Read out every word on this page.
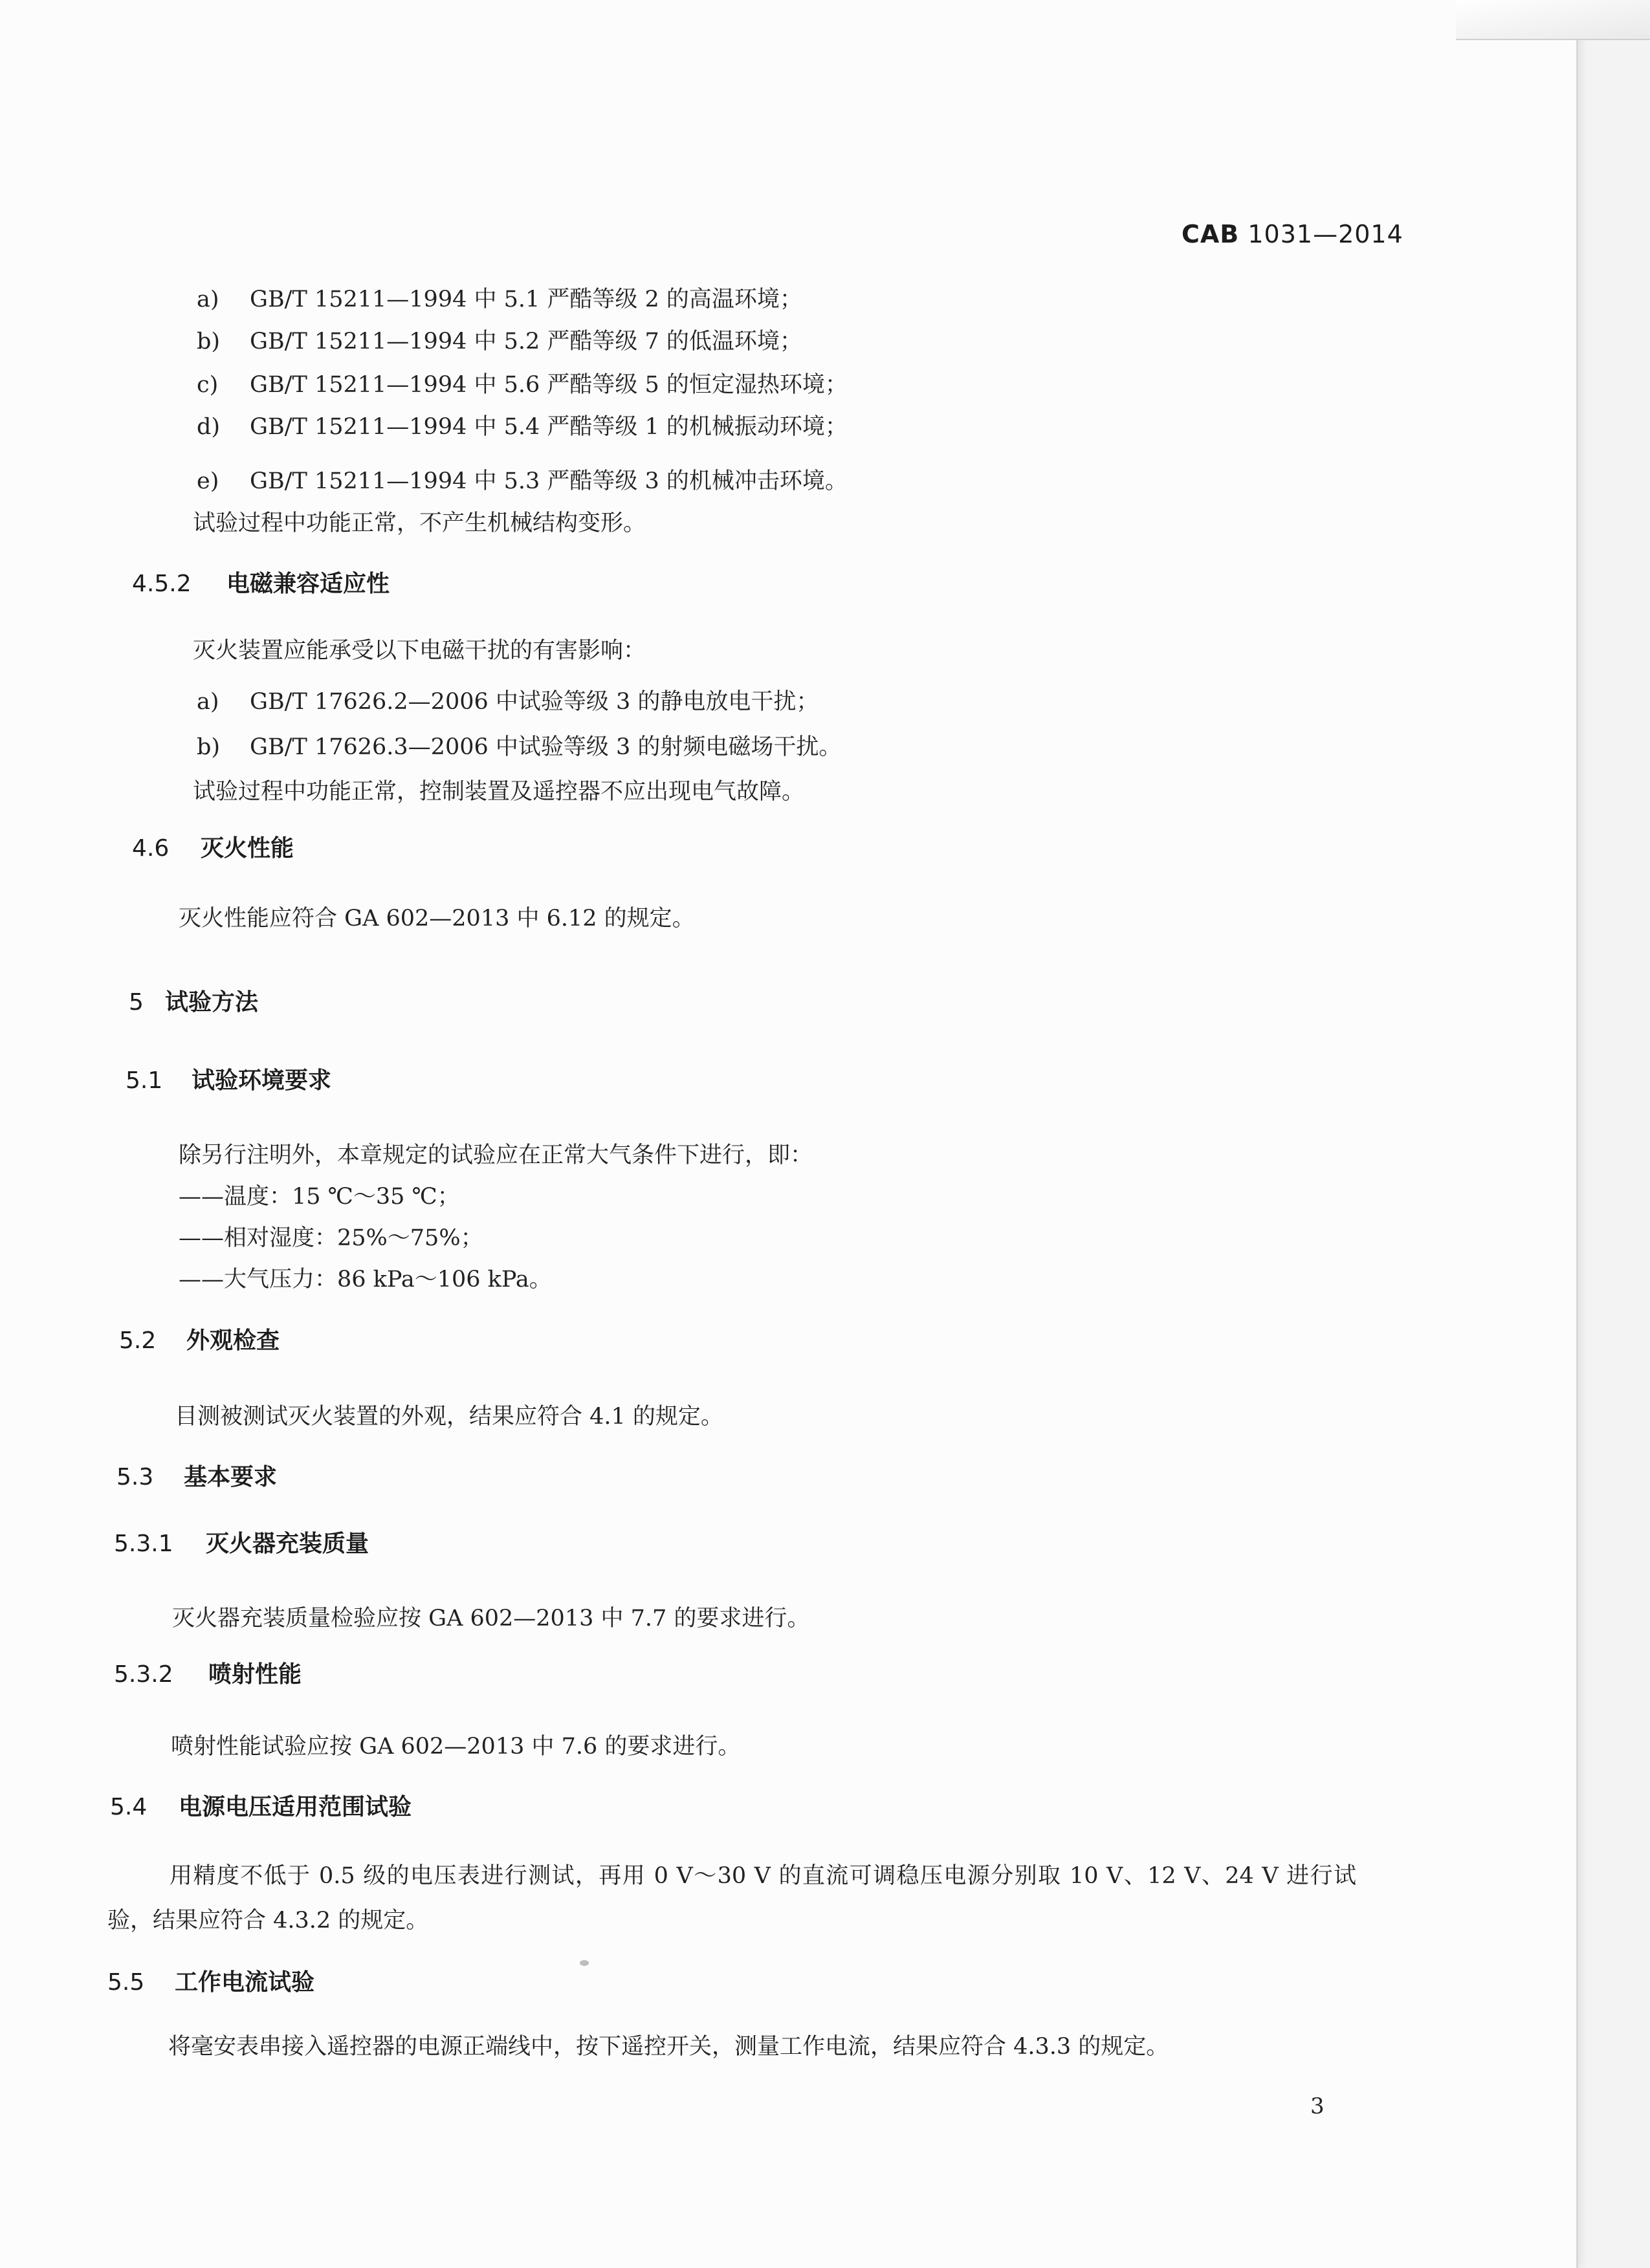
CAB 1031—2014
a) GB/T 15211—1994 中 5.1 严酷等级 2 的高温环境；
b) GB/T 15211—1994 中 5.2 严酷等级 7 的低温环境；
c) GB/T 15211—1994 中 5.6 严酷等级 5 的恒定湿热环境；
d) GB/T 15211—1994 中 5.4 严酷等级 1 的机械振动环境；
e) GB/T 15211—1994 中 5.3 严酷等级 3 的机械冲击环境。
试验过程中功能正常，不产生机械结构变形。
4.5.2 电磁兼容适应性
灭火装置应能承受以下电磁干扰的有害影响：
a) GB/T 17626.2—2006 中试验等级 3 的静电放电干扰；
b) GB/T 17626.3—2006 中试验等级 3 的射频电磁场干扰。
试验过程中功能正常，控制装置及遥控器不应出现电气故障。
4.6 灭火性能
灭火性能应符合 GA 602—2013 中 6.12 的规定。
5 试验方法
5.1 试验环境要求
除另行注明外，本章规定的试验应在正常大气条件下进行，即：
——温度：15 ℃～35 ℃；
——相对湿度：25%～75%；
——大气压力：86 kPa～106 kPa。
5.2 外观检查
目测被测试灭火装置的外观，结果应符合 4.1 的规定。
5.3 基本要求
5.3.1 灭火器充装质量
灭火器充装质量检验应按 GA 602—2013 中 7.7 的要求进行。
5.3.2 喷射性能
喷射性能试验应按 GA 602—2013 中 7.6 的要求进行。
5.4 电源电压适用范围试验
用精度不低于 0.5 级的电压表进行测试，再用 0 V～30 V 的直流可调稳压电源分别取 10 V、12 V、24 V 进行试验，结果应符合 4.3.2 的规定。
5.5 工作电流试验
将毫安表串接入遥控器的电源正端线中，按下遥控开关，测量工作电流，结果应符合 4.3.3 的规定。
3
